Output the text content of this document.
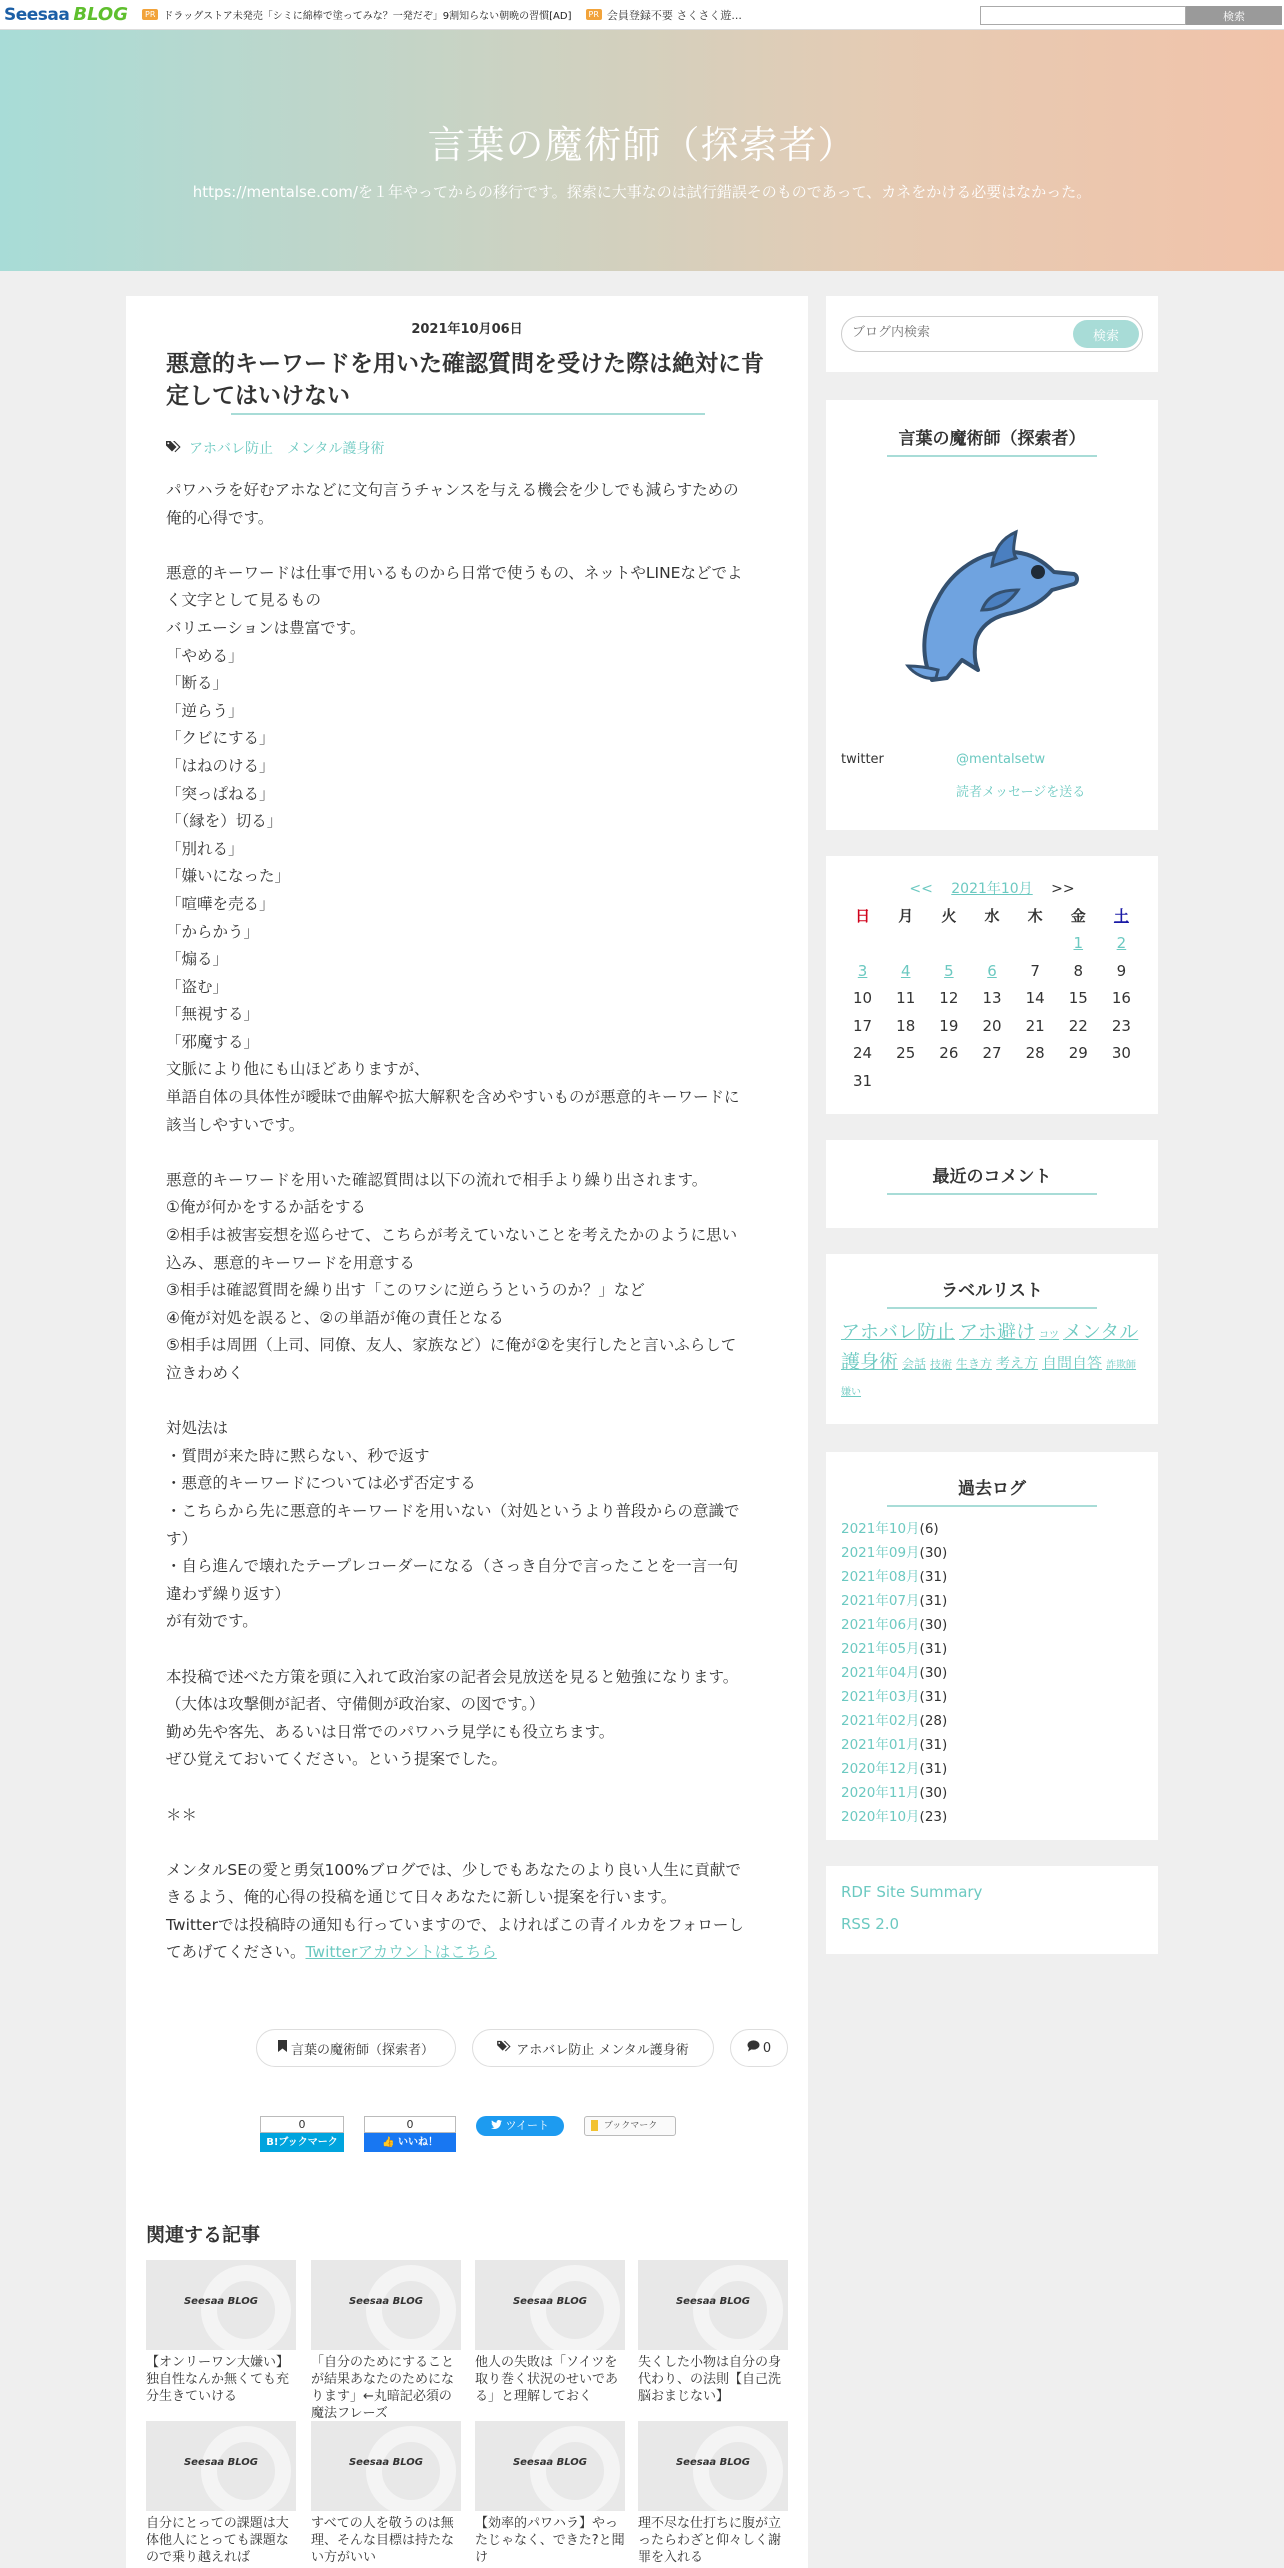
Seesaa BLOG	PR ドラッグストア未発売「シミに綿棒で塗ってみな？一発だぞ」9割知らない朝晩の習慣[AD]	PR 会員登録不要 さくさく遊...	検索
言葉の魔術師（探索者）

https://mentalse.com/を１年やってからの移行です。探索に大事なのは試行錯誤そのものであって、カネをかける必要はなかった。

2021年10月06日
悪意的キーワードを用いた確認質問を受けた際は絶対に肯定してはいけない
アホバレ防止 メンタル護身術
パワハラを好むアホなどに文句言うチャンスを与える機会を少しでも減らすための
俺的心得です。

悪意的キーワードは仕事で用いるものから日常で使うもの、ネットやLINEなどでよ
く文字として見るもの
バリエーションは豊富です。
「やめる」
「断る」
「逆らう」
「クビにする」
「はねのける」
「突っぱねる」
「（縁を）切る」
「別れる」
「嫌いになった」
「喧嘩を売る」
「からかう」
「煽る」
「盗む」
「無視する」
「邪魔する」
文脈により他にも山ほどありますが、
単語自体の具体性が曖昧で曲解や拡大解釈を含めやすいものが悪意的キーワードに
該当しやすいです。

悪意的キーワードを用いた確認質問は以下の流れで相手より繰り出されます。
①俺が何かをするか話をする
②相手は被害妄想を巡らせて、こちらが考えていないことを考えたかのように思い
込み、悪意的キーワードを用意する
③相手は確認質問を繰り出す「このワシに逆らうというのか？」など
④俺が対処を誤ると、②の単語が俺の責任となる
⑤相手は周囲（上司、同僚、友人、家族など）に俺が②を実行したと言いふらして
泣きわめく

対処法は
・質問が来た時に黙らない、秒で返す
・悪意的キーワードについては必ず否定する
・こちらから先に悪意的キーワードを用いない（対処というより普段からの意識で
す）
・自ら進んで壊れたテープレコーダーになる（さっき自分で言ったことを一言一句
違わず繰り返す）
が有効です。

本投稿で述べた方策を頭に入れて政治家の記者会見放送を見ると勉強になります。
（大体は攻撃側が記者、守備側が政治家、の図です。）
勤め先や客先、あるいは日常でのパワハラ見学にも役立ちます。
ぜひ覚えておいてください。という提案でした。

＊＊

メンタルSEの愛と勇気100%ブログでは、少しでもあなたのより良い人生に貢献で
きるよう、俺的心得の投稿を通じて日々あなたに新しい提案を行います。
Twitterでは投稿時の通知も行っていますので、よければこの青イルカをフォローし
てあげてください。Twitterアカウントはこちら
言葉の魔術師（探索者）	アホバレ防止 メンタル護身術	0
0
B!ブックマーク
0
👍 いいね！
ツイート	ブックマーク
関連する記事
Seesaa BLOG
【オンリーワン大嫌い】独自性なんか無くても充分生きていける
Seesaa BLOG
「自分のためにすることが結果あなたのためになります」←丸暗記必須の魔法フレーズ
Seesaa BLOG
他人の失敗は「ソイツを取り巻く状況のせいである」と理解しておく
Seesaa BLOG
失くした小物は自分の身代わり、の法則【自己洗脳おまじない】
Seesaa BLOG
自分にとっての課題は大体他人にとっても課題なので乗り越えれば
Seesaa BLOG
すべての人を敬うのは無理、そんな目標は持たない方がいい
Seesaa BLOG
【効率的パワハラ】やったじゃなく、できた?と聞け
Seesaa BLOG
理不尽な仕打ちに腹が立ったらわざと仰々しく謝罪を入れる
ブログ内検索
検索
言葉の魔術師（探索者）
twitter	@mentalsetw
読者メッセージを送る
<< 2021年10月 >>
日	月	火	水	木	金	土
					1	2
3	4	5	6	7	8	9
10	11	12	13	14	15	16
17	18	19	20	21	22	23
24	25	26	27	28	29	30
31						
最近のコメント
ラベルリスト
アホバレ防止 アホ避け コツ メンタル護身術 会話 技術 生き方 考え方 自問自答 詐欺師嫌い
過去ログ
2021年10月(6)
2021年09月(30)
2021年08月(31)
2021年07月(31)
2021年06月(30)
2021年05月(31)
2021年04月(30)
2021年03月(31)
2021年02月(28)
2021年01月(31)
2020年12月(31)
2020年11月(30)
2020年10月(23)
RDF Site Summary
RSS 2.0
